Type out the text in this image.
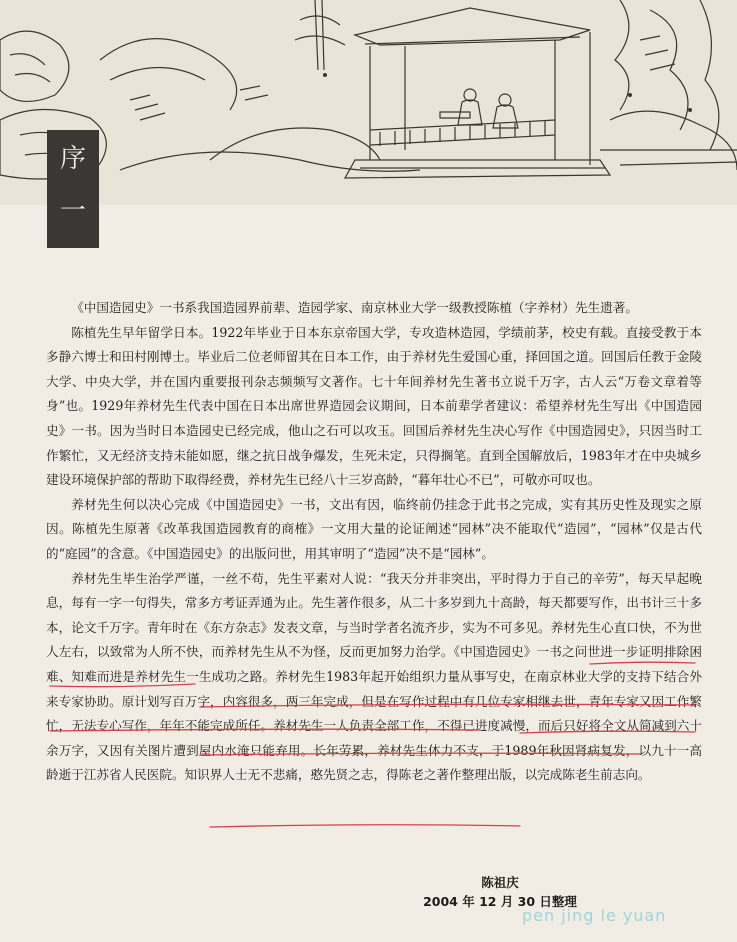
序
一

《中国造园史》一书系我国造园界前辈、造园学家、南京林业大学一级教授陈植（字养材）先生遗著。

陈植先生早年留学日本。1922年毕业于日本东京帝国大学，专攻造林造园，学绩前茅，校史有载。直接受教于本多静六博士和田村刚博士。毕业后二位老师留其在日本工作，由于养材先生爱国心重，择回国之道。回国后任教于金陵大学、中央大学，并在国内重要报刊杂志频频写文著作。七十年间养材先生著书立说千万字，古人云“万卷文章着等身”也。1929年养材先生代表中国在日本出席世界造园会议期间，日本前辈学者建议：希望养材先生写出《中国造园史》一书。因为当时日本造园史已经完成，他山之石可以攻玉。回国后养材先生决心写作《中国造园史》，只因当时工作繁忙，又无经济支持未能如愿，继之抗日战争爆发，生死未定，只得搁笔。直到全国解放后，1983年才在中央城乡建设环境保护部的帮助下取得经费，养材先生已经八十三岁高龄，“暮年壮心不已”，可敬亦可叹也。

养材先生何以决心完成《中国造园史》一书，文出有因，临终前仍挂念于此书之完成，实有其历史性及现实之原因。陈植先生原著《改革我国造园教育的商榷》一文用大量的论证阐述“园林”决不能取代“造园”，“园林”仅是古代的“庭园”的含意。《中国造园史》的出版问世，用其审明了“造园”决不是“园林”。

养材先生毕生治学严谨，一丝不苟，先生平素对人说：“我天分并非突出，平时得力于自己的辛劳”，每天早起晚息，每有一字一句得失，常多方考证弄通为止。先生著作很多，从二十多岁到九十高龄，每天都要写作，出书计三十多本，论文千万字。青年时在《东方杂志》发表文章，与当时学者名流齐步，实为不可多见。养材先生心直口快，不为世人左右，以致常为人所不快，而养材先生从不为怪，反而更加努力治学。《中国造园史》一书之问世进一步证明排除困难、知难而进是养材先生一生成功之路。养材先生1983年起开始组织力量从事写史，在南京林业大学的支持下结合外来专家协助。原计划写百万字，内容很多，两三年完成，但是在写作过程中有几位专家相继去世，青年专家又因工作繁忙，无法专心写作，年年不能完成所任。养材先生一人负责全部工作，不得已进度减慢，而后只好将全文从简减到六十余万字，又因有关图片遭到屋内水淹只能弃用。长年劳累，养材先生体力不支，于1989年秋因肾病复发，以九十一高龄逝于江苏省人民医院。知识界人士无不悲痛，憨先贤之志，得陈老之著作整理出版，以完成陈老生前志向。

陈祖庆
2004 年 12 月 30 日整理
pen jing le yuan
